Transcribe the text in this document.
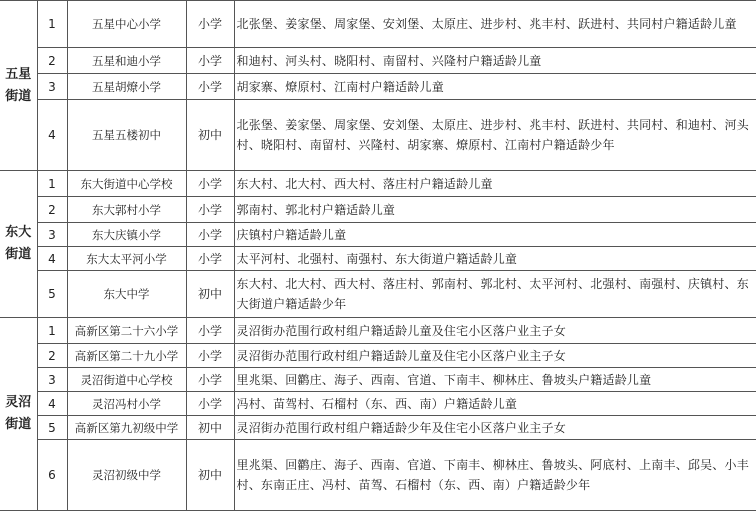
五星街道	1	五星中心小学	小学	北张堡、姜家堡、周家堡、安刘堡、太原庄、进步村、兆丰村、跃进村、共同村户籍适龄儿童
	2	五星和迪小学	小学	和迪村、河头村、晓阳村、南留村、兴隆村户籍适龄儿童
	3	五星胡燎小学	小学	胡家寨、燎原村、江南村户籍适龄儿童
	4	五星五楼初中	初中	北张堡、姜家堡、周家堡、安刘堡、太原庄、进步村、兆丰村、跃进村、共同村、和迪村、河头村、晓阳村、南留村、兴隆村、胡家寨、燎原村、江南村户籍适龄少年
东大街道	1	东大街道中心学校	小学	东大村、北大村、西大村、落庄村户籍适龄儿童
	2	东大郭村小学	小学	郭南村、郭北村户籍适龄儿童
	3	东大庆镇小学	小学	庆镇村户籍适龄儿童
	4	东大太平河小学	小学	太平河村、北强村、南强村、东大街道户籍适龄儿童
	5	东大中学	初中	东大村、北大村、西大村、落庄村、郭南村、郭北村、太平河村、北强村、南强村、庆镇村、东大街道户籍适龄少年
灵沼街道	1	高新区第二十六小学	小学	灵沼街办范围行政村组户籍适龄儿童及住宅小区落户业主子女
	2	高新区第二十九小学	小学	灵沼街办范围行政村组户籍适龄儿童及住宅小区落户业主子女
	3	灵沼街道中心学校	小学	里兆渠、回鹳庄、海子、西南、官道、下南丰、柳林庄、鲁坡头户籍适龄儿童
	4	灵沼冯村小学	小学	冯村、苗驾村、石榴村（东、西、南）户籍适龄儿童
	5	高新区第九初级中学	初中	灵沼街办范围行政村组户籍适龄少年及住宅小区落户业主子女
	6	灵沼初级中学	初中	里兆渠、回鹳庄、海子、西南、官道、下南丰、柳林庄、鲁坡头、阿底村、上南丰、邱吴、小丰村、东南正庄、冯村、苗驾、石榴村（东、西、南）户籍适龄少年
